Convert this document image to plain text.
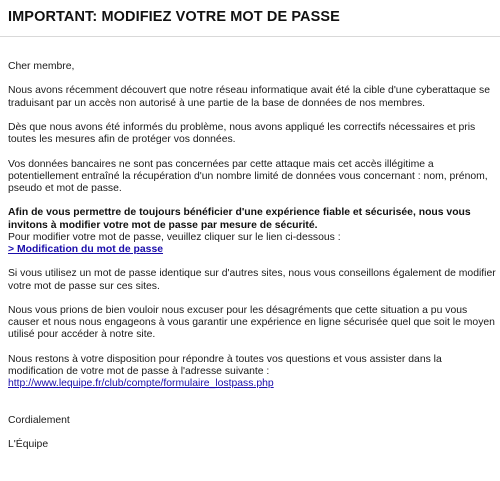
IMPORTANT: MODIFIEZ VOTRE MOT DE PASSE

Cher membre,

Nous avons récemment découvert que notre réseau informatique avait été la cible d'une cyberattaque se traduisant par un accès non autorisé à une partie de la base de données de nos membres.

Dès que nous avons été informés du problème, nous avons appliqué les correctifs nécessaires et pris toutes les mesures afin de protéger vos données.

Vos données bancaires ne sont pas concernées par cette attaque mais cet accès illégitime a potentiellement entraîné la récupération d'un nombre limité de données vous concernant : nom, prénom, pseudo et mot de passe.

Afin de vous permettre de toujours bénéficier d'une expérience fiable et sécurisée, nous vous invitons à modifier votre mot de passe par mesure de sécurité.
Pour modifier votre mot de passe, veuillez cliquer sur le lien ci-dessous :
> Modification du mot de passe

Si vous utilisez un mot de passe identique sur d'autres sites, nous vous conseillons également de modifier votre mot de passe sur ces sites.

Nous vous prions de bien vouloir nous excuser pour les désagréments que cette situation a pu vous causer et nous nous engageons à vous garantir une expérience en ligne sécurisée quel que soit le moyen utilisé pour accéder à notre site.

Nous restons à votre disposition pour répondre à toutes vos questions et vous assister dans la modification de votre mot de passe à l'adresse suivante : http://www.lequipe.fr/club/compte/formulaire_lostpass.php

Cordialement

L'Équipe
